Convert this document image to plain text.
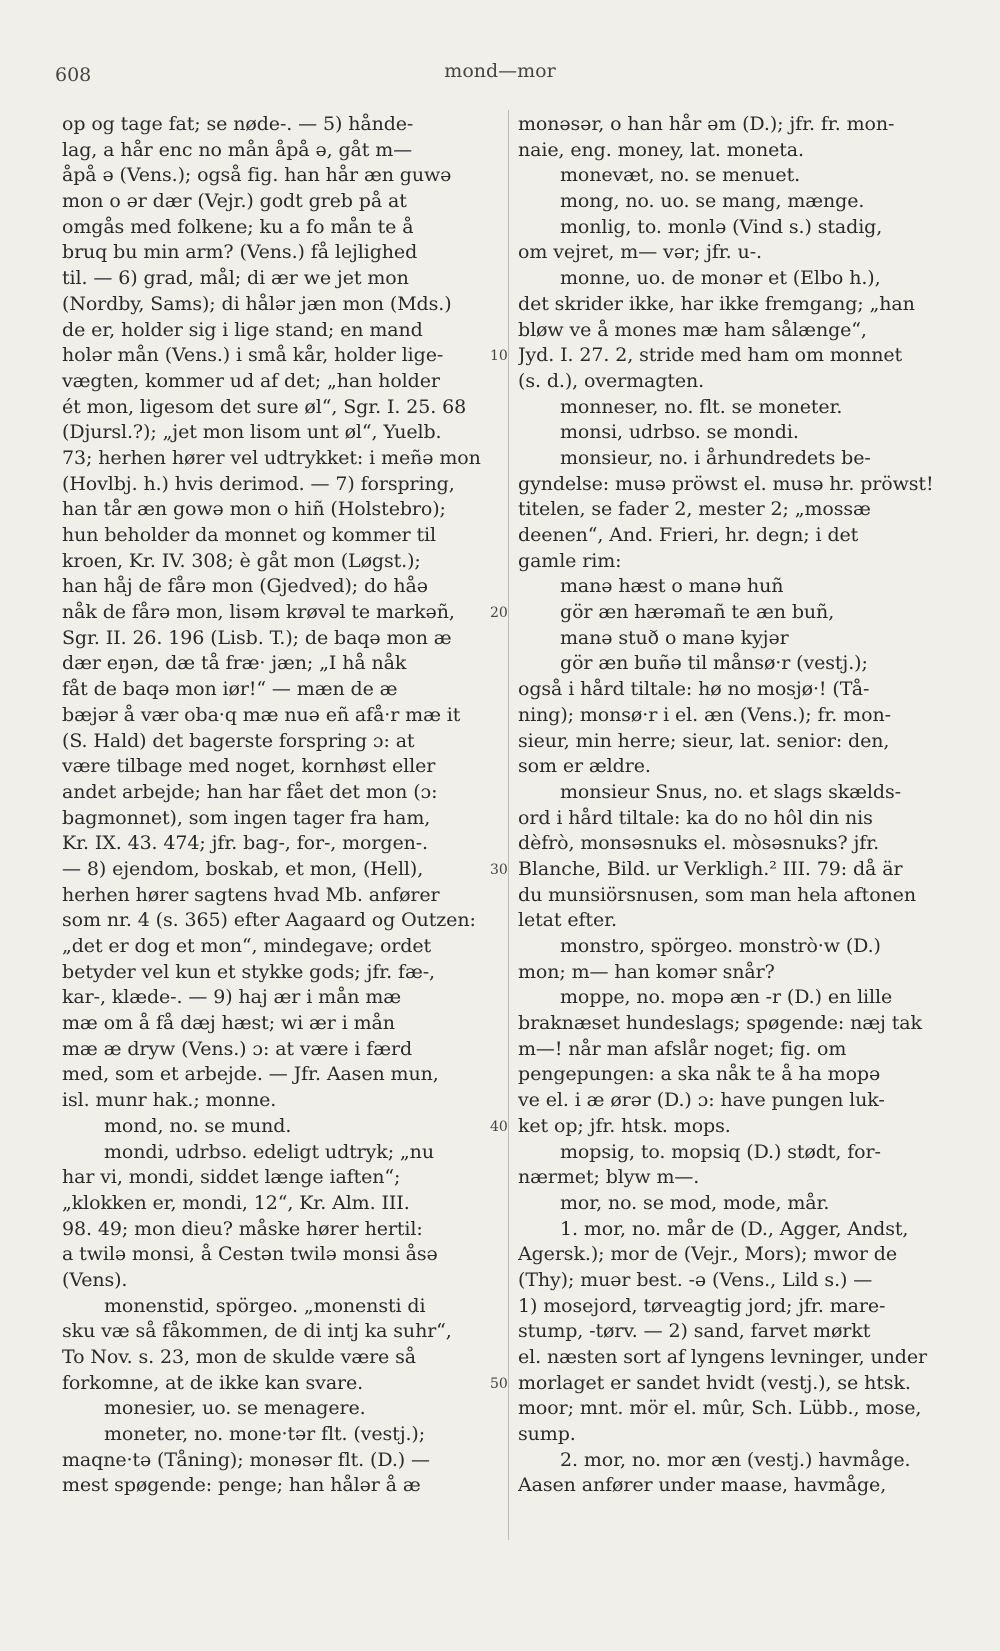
608	mond—mor
op og tage fat; se nøde-. — 5) hånde-
lag, a hår enc no mån åpå ə, gåt m—
åpå ə (Vens.); også fig. han hår æn guwə
mon o ər dær (Vejr.) godt greb på at
omgås med folkene; ku a fo mån te å
bruq bu min arm? (Vens.) få lejlighed
til. — 6) grad, mål; di ær we jet mon
(Nordby, Sams); di hålər jæn mon (Mds.)
de er, holder sig i lige stand; en mand
holər mån (Vens.) i små kår, holder lige-
vægten, kommer ud af det; „han holder
ét mon, ligesom det sure øl“, Sgr. I. 25. 68
(Djursl.?); „jet mon lisom unt øl“, Yuelb.
73; herhen hører vel udtrykket: i meñə mon
(Hovlbj. h.) hvis derimod. — 7) forspring,
han tår æn gowə mon o hiñ (Holstebro);
hun beholder da monnet og kommer til
kroen, Kr. IV. 308; è gåt mon (Løgst.);
han håj de fårə mon (Gjedved); do håə
nåk de fårə mon, lisəm krøvəl te markəñ,
Sgr. II. 26. 196 (Lisb. T.); de baqə mon æ
dær eŋən, dæ tå fræ· jæn; „I hå nåk
fåt de baqə mon iør!“ — mæn de æ
bæjər å vær oba·q mæ nuə eñ afå·r mæ it
(S. Hald) det bagerste forspring ɔ: at
være tilbage med noget, kornhøst eller
andet arbejde; han har fået det mon (ɔ:
bagmonnet), som ingen tager fra ham,
Kr. IX. 43. 474; jfr. bag-, for-, morgen-.
— 8) ejendom, boskab, et mon, (Hell),
herhen hører sagtens hvad Mb. anfører
som nr. 4 (s. 365) efter Aagaard og Outzen:
„det er dog et mon“, mindegave; ordet
betyder vel kun et stykke gods; jfr. fæ-,
kar-, klæde-. — 9) haj ær i mån mæ
mæ om å få dæj hæst; wi ær i mån
mæ æ dryw (Vens.) ɔ: at være i færd
med, som et arbejde. — Jfr. Aasen mun,
isl. munr hak.; monne.
mond, no. se mund.
mondi, udrbso. edeligt udtryk; „nu
har vi, mondi, siddet længe iaften“;
„klokken er, mondi, 12“, Kr. Alm. III.
98. 49; mon dieu? måske hører hertil:
a twilə monsi, å Cestən twilə monsi åsə
(Vens).
monenstid, spörgeo. „monensti di
sku væ så fåkommen, de di intj ka suhr“,
To Nov. s. 23, mon de skulde være så
forkomne, at de ikke kan svare.
monesier, uo. se menagere.
moneter, no. mone·tər flt. (vestj.);
maqne·tə (Tåning); monəsər flt. (D.) —
mest spøgende: penge; han hålər å æ
monəsər, o han hår əm (D.); jfr. fr. mon-
naie, eng. money, lat. moneta.
monevæt, no. se menuet.
mong, no. uo. se mang, mænge.
monlig, to. monlə (Vind s.) stadig,
om vejret, m— vər; jfr. u-.
monne, uo. de monər et (Elbo h.),
det skrider ikke, har ikke fremgang; „han
bløw ve å mones mæ ham sålænge“,
Jyd. I. 27. 2, stride med ham om monnet
(s. d.), overmagten.
monneser, no. flt. se moneter.
monsi, udrbso. se mondi.
monsieur, no. i århundredets be-
gyndelse: musə pröwst el. musə hr. pröwst!
titelen, se fader 2, mester 2; „mossæ
deenen“, And. Frieri, hr. degn; i det
gamle rim:
manə hæst o manə huñ
gör æn hærəmañ te æn buñ,
manə stuð o manə kyjər
gör æn buñə til månsø·r (vestj.);
også i hård tiltale: hø no mosjø·! (Tå-
ning); monsø·r i el. æn (Vens.); fr. mon-
sieur, min herre; sieur, lat. senior: den,
som er ældre.
monsieur Snus, no. et slags skælds-
ord i hård tiltale: ka do no hôl din nis
dèfrò, monsəsnuks el. mòsəsnuks? jfr.
Blanche, Bild. ur Verkligh.² III. 79: då är
du munsiörsnusen, som man hela aftonen
letat efter.
monstro, spörgeo. monstrò·w (D.)
mon; m— han komər snår?
moppe, no. mopə æn -r (D.) en lille
braknæset hundeslags; spøgende: næj tak
m—! når man afslår noget; fig. om
pengepungen: a ska nåk te å ha mopə
ve el. i æ ørər (D.) ɔ: have pungen luk-
ket op; jfr. htsk. mops.
mopsig, to. mopsiq (D.) stødt, for-
nærmet; blyw m—.
mor, no. se mod, mode, mår.
1. mor, no. mår de (D., Agger, Andst,
Agersk.); mor de (Vejr., Mors); mwor de
(Thy); muər best. -ə (Vens., Lild s.) —
1) mosejord, tørveagtig jord; jfr. mare-
stump, -tørv. — 2) sand, farvet mørkt
el. næsten sort af lyngens levninger, under
morlaget er sandet hvidt (vestj.), se htsk.
moor; mnt. mör el. mûr, Sch. Lübb., mose,
sump.
2. mor, no. mor æn (vestj.) havmåge.
Aasen anfører under maase, havmåge,
10
20
30
40
50
